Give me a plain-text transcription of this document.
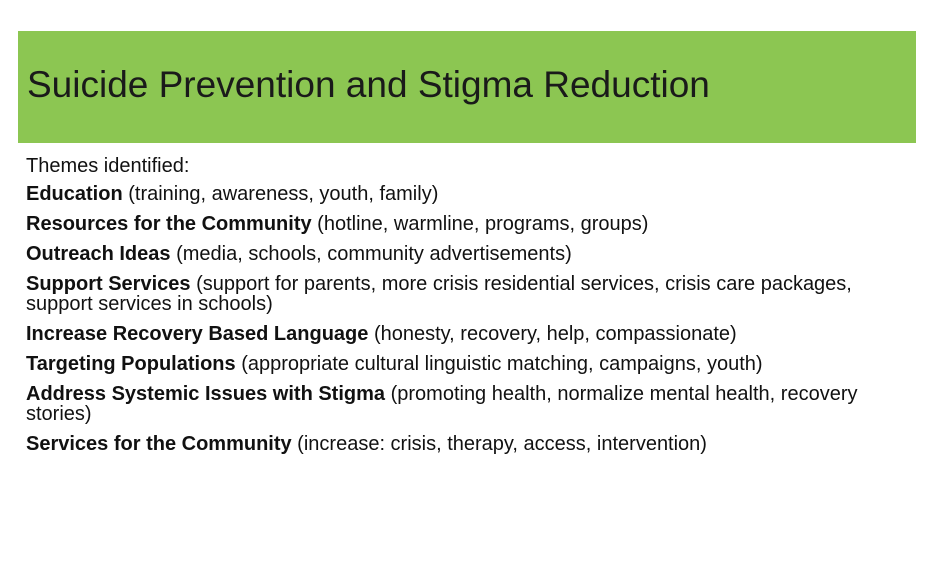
Suicide Prevention and Stigma Reduction
Themes identified:
Education (training, awareness, youth, family)
Resources for the Community (hotline, warmline, programs, groups)
Outreach Ideas (media, schools, community advertisements)
Support Services (support for parents, more crisis residential services, crisis care packages, support services in schools)
Increase Recovery Based Language (honesty, recovery, help, compassionate)
Targeting Populations (appropriate cultural linguistic matching, campaigns, youth)
Address Systemic Issues with Stigma (promoting health, normalize mental health, recovery stories)
Services for the Community (increase: crisis, therapy, access, intervention)
